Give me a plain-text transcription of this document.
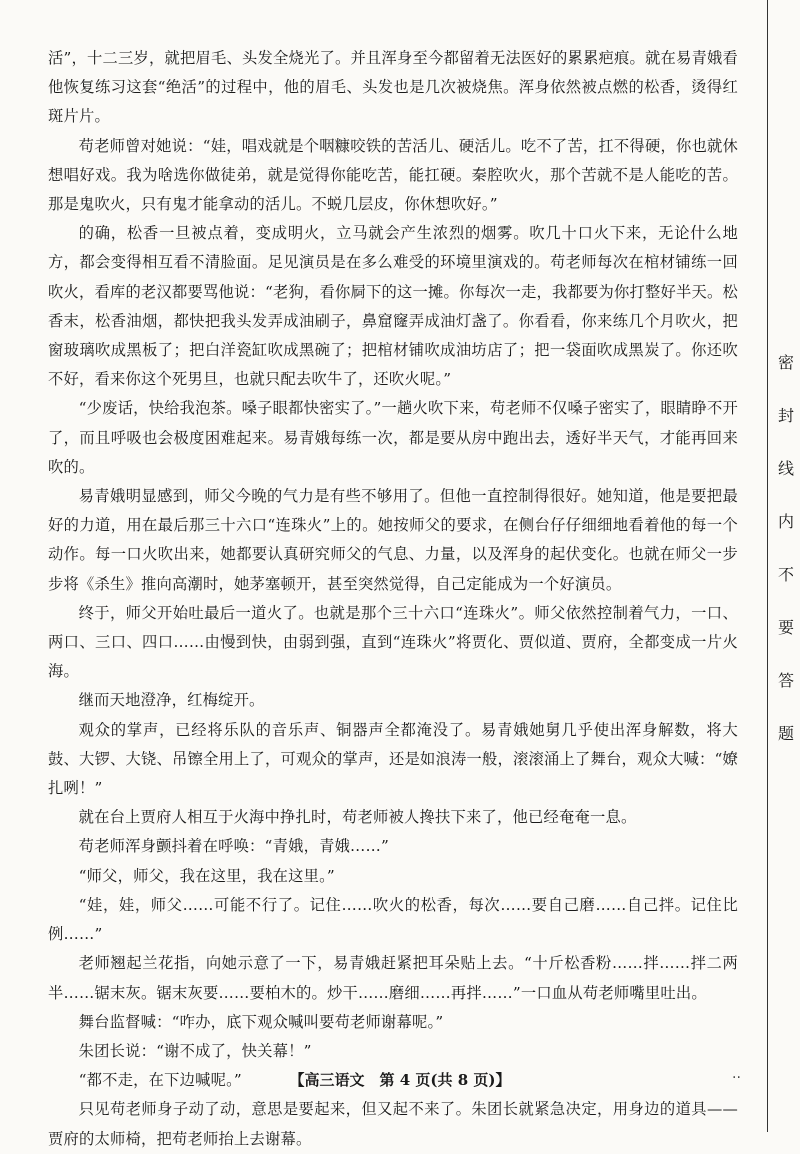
活”，十二三岁，就把眉毛、头发全烧光了。并且浑身至今都留着无法医好的累累疤痕。就在易青娥看他恢复练习这套“绝活”的过程中，他的眉毛、头发也是几次被烧焦。浑身依然被点燃的松香，烫得红斑片片。

苟老师曾对她说：“娃，唱戏就是个咽糠咬铁的苦活儿、硬活儿。吃不了苦，扛不得硬，你也就休想唱好戏。我为啥选你做徒弟，就是觉得你能吃苦，能扛硬。秦腔吹火，那个苦就不是人能吃的苦。那是鬼吹火，只有鬼才能拿动的活儿。不蜕几层皮，你休想吹好。”

的确，松香一旦被点着，变成明火，立马就会产生浓烈的烟雾。吹几十口火下来，无论什么地方，都会变得相互看不清脸面。足见演员是在多么难受的环境里演戏的。苟老师每次在棺材铺练一回吹火，看库的老汉都要骂他说：“老狗，看你屙下的这一摊。你每次一走，我都要为你打整好半天。松香末，松香油烟，都快把我头发弄成油刷子，鼻窟窿弄成油灯盏了。你看看，你来练几个月吹火，把窗玻璃吹成黑板了；把白洋瓷缸吹成黑碗了；把棺材铺吹成油坊店了；把一袋面吹成黑炭了。你还吹不好，看来你这个死男旦，也就只配去吹牛了，还吹火呢。”

“少废话，快给我泡茶。嗓子眼都快密实了。”一趟火吹下来，苟老师不仅嗓子密实了，眼睛睁不开了，而且呼吸也会极度困难起来。易青娥每练一次，都是要从房中跑出去，透好半天气，才能再回来吹的。

易青娥明显感到，师父今晚的气力是有些不够用了。但他一直控制得很好。她知道，他是要把最好的力道，用在最后那三十六口“连珠火”上的。她按师父的要求，在侧台仔仔细细地看着他的每一个动作。每一口火吹出来，她都要认真研究师父的气息、力量，以及浑身的起伏变化。也就在师父一步步将《杀生》推向高潮时，她茅塞顿开，甚至突然觉得，自己定能成为一个好演员。

终于，师父开始吐最后一道火了。也就是那个三十六口“连珠火”。师父依然控制着气力，一口、两口、三口、四口……由慢到快，由弱到强，直到“连珠火”将贾化、贾似道、贾府，全都变成一片火海。

继而天地澄净，红梅绽开。

观众的掌声，已经将乐队的音乐声、铜器声全都淹没了。易青娥她舅几乎使出浑身解数，将大鼓、大锣、大铙、吊镲全用上了，可观众的掌声，还是如浪涛一般，滚滚涌上了舞台，观众大喊：“嫽扎咧！”

就在台上贾府人相互于火海中挣扎时，苟老师被人搀扶下来了，他已经奄奄一息。

苟老师浑身颤抖着在呼唤：“青娥，青娥……”

“师父，师父，我在这里，我在这里。”

“娃，娃，师父……可能不行了。记住……吹火的松香，每次……要自己磨……自己拌。记住比例……”

老师翘起兰花指，向她示意了一下，易青娥赶紧把耳朵贴上去。“十斤松香粉……拌……拌二两半……锯末灰。锯末灰要……要柏木的。炒干……磨细……再拌……”一口血从苟老师嘴里吐出。

舞台监督喊：“咋办，底下观众喊叫要苟老师谢幕呢。”

朱团长说：“谢不成了，快关幕！”

“都不走，在下边喊呢。”

只见苟老师身子动了动，意思是要起来，但又起不来了。朱团长就紧急决定，用身边的道具——贾府的太师椅，把苟老师抬上去谢幕。

密
封
线
内
不
要
答
题
【高三语文　第 4 页(共 8 页)】	..
